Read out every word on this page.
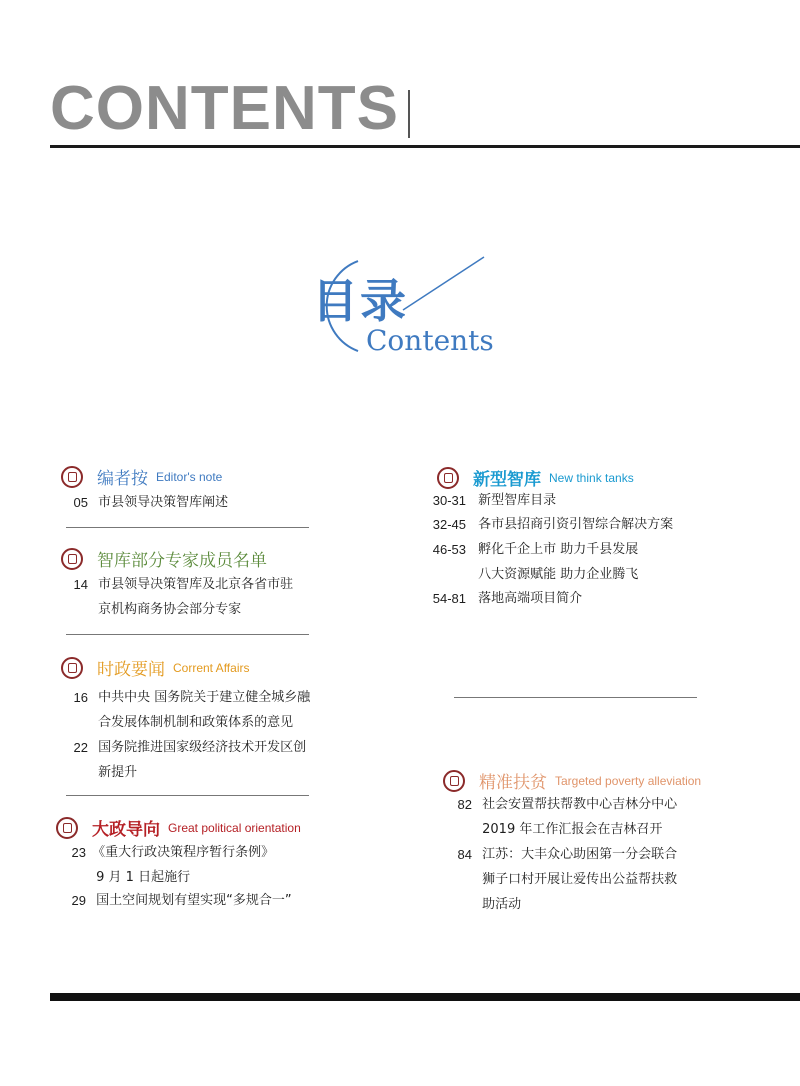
CONTENTS
目录
Contents
编者按 Editor's note
05 市县领导决策智库阐述
智库部分专家成员名单
14 市县领导决策智库及北京各省市驻
京机构商务协会部分专家
时政要闻 Corrent Affairs
16 中共中央 国务院关于建立健全城乡融
合发展体制机制和政策体系的意见
22 国务院推进国家级经济技术开发区创
新提升
大政导向 Great political orientation
23 《重大行政决策程序暂行条例》
9 月 1 日起施行
29 国土空间规划有望实现“多规合一”
新型智库 New think tanks
30-31 新型智库目录
32-45 各市县招商引资引智综合解决方案
46-53 孵化千企上市 助力千县发展
八大资源赋能 助力企业腾飞
54-81 落地高端项目简介
精准扶贫 Targeted poverty alleviation
82 社会安置帮扶帮教中心吉林分中心
2019 年工作汇报会在吉林召开
84 江苏：大丰众心助困第一分会联合
狮子口村开展让爱传出公益帮扶救
助活动
